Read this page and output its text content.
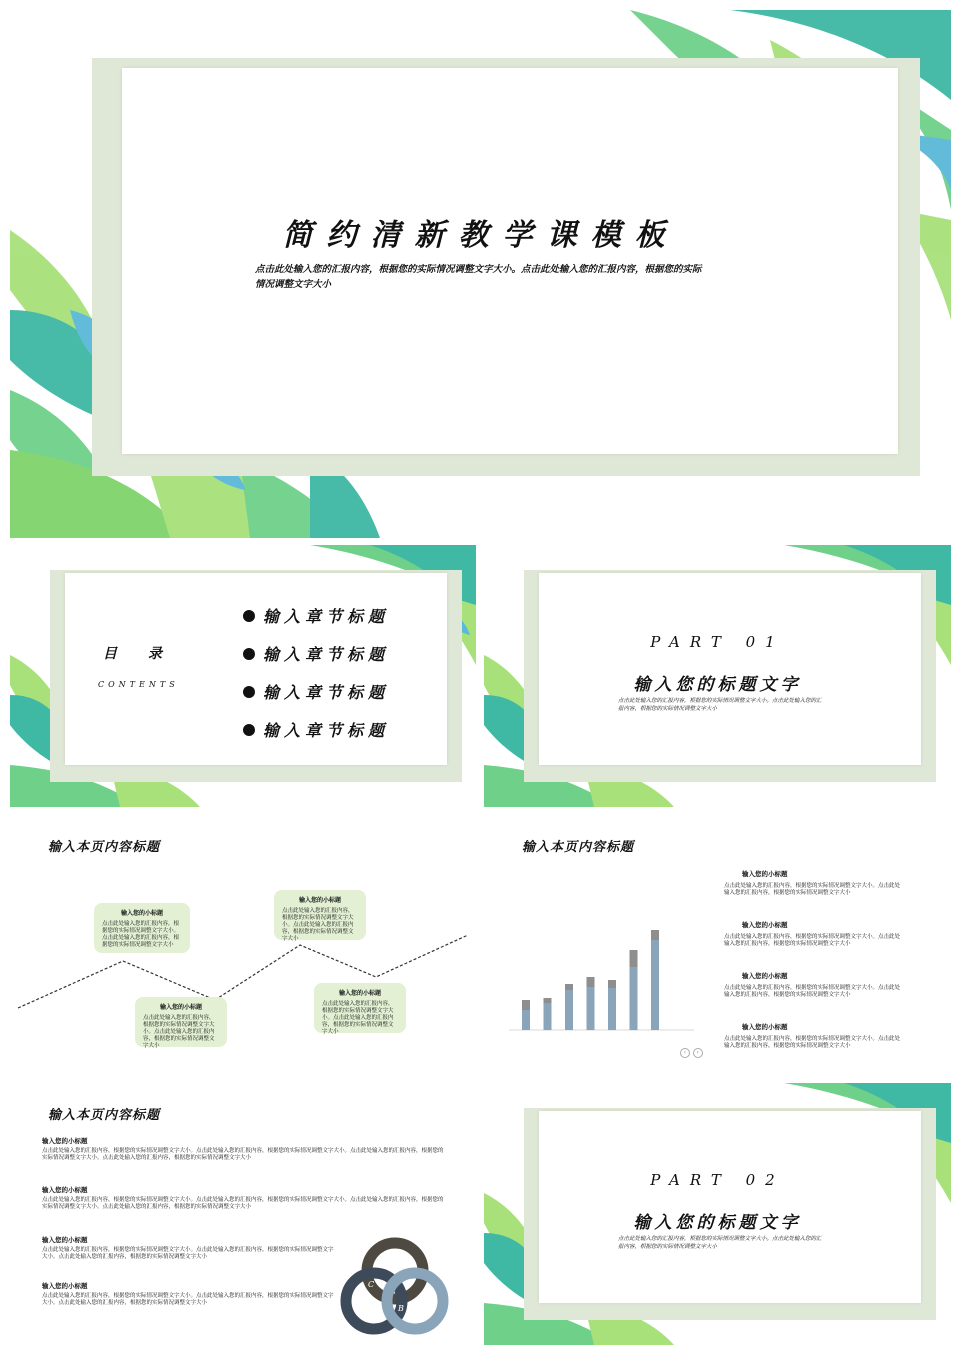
简约清新教学课模板
点击此处输入您的汇报内容，根据您的实际情况调整文字大小。点击此处输入您的汇报内容，根据您的实际情况调整文字大小
目　　录
CONTENTS
输入章节标题
输入章节标题
输入章节标题
输入章节标题
PART 01
输入您的标题文字
点击此处输入您的汇报内容，根据您的实际情况调整文字大小。点击此处输入您的汇报内容，根据您的实际情况调整文字大小
输入本页内容标题
输入您的小标题
点击此处输入您的汇报内容，根据您的实际情况调整文字大小。点击此处输入您的汇报内容，根据您的实际情况调整文字大小
输入您的小标题
点击此处输入您的汇报内容，根据您的实际情况调整文字大小。点击此处输入您的汇报内容，根据您的实际情况调整文字大小
输入您的小标题
点击此处输入您的汇报内容，根据您的实际情况调整文字大小。点击此处输入您的汇报内容，根据您的实际情况调整文字大小
输入您的小标题
点击此处输入您的汇报内容，根据您的实际情况调整文字大小。点击此处输入您的汇报内容，根据您的实际情况调整文字大小
输入本页内容标题
‹ ›
输入您的小标题
点击此处输入您的汇报内容，根据您的实际情况调整文字大小。点击此处输入您的汇报内容，根据您的实际情况调整文字大小
输入您的小标题
点击此处输入您的汇报内容，根据您的实际情况调整文字大小。点击此处输入您的汇报内容，根据您的实际情况调整文字大小
输入您的小标题
点击此处输入您的汇报内容，根据您的实际情况调整文字大小。点击此处输入您的汇报内容，根据您的实际情况调整文字大小
输入您的小标题
点击此处输入您的汇报内容，根据您的实际情况调整文字大小。点击此处输入您的汇报内容，根据您的实际情况调整文字大小
输入本页内容标题
输入您的小标题
点击此处输入您的汇报内容，根据您的实际情况调整文字大小。点击此处输入您的汇报内容，根据您的实际情况调整文字大小。点击此处输入您的汇报内容，根据您的实际情况调整文字大小。点击此处输入您的汇报内容，根据您的实际情况调整文字大小
输入您的小标题
点击此处输入您的汇报内容，根据您的实际情况调整文字大小。点击此处输入您的汇报内容，根据您的实际情况调整文字大小。点击此处输入您的汇报内容，根据您的实际情况调整文字大小。点击此处输入您的汇报内容，根据您的实际情况调整文字大小
输入您的小标题
点击此处输入您的汇报内容，根据您的实际情况调整文字大小。点击此处输入您的汇报内容，根据您的实际情况调整文字大小。点击此处输入您的汇报内容，根据您的实际情况调整文字大小
输入您的小标题
点击此处输入您的汇报内容，根据您的实际情况调整文字大小。点击此处输入您的汇报内容，根据您的实际情况调整文字大小。点击此处输入您的汇报内容，根据您的实际情况调整文字大小
A
B
C
PART 02
输入您的标题文字
点击此处输入您的汇报内容，根据您的实际情况调整文字大小。点击此处输入您的汇报内容，根据您的实际情况调整文字大小
